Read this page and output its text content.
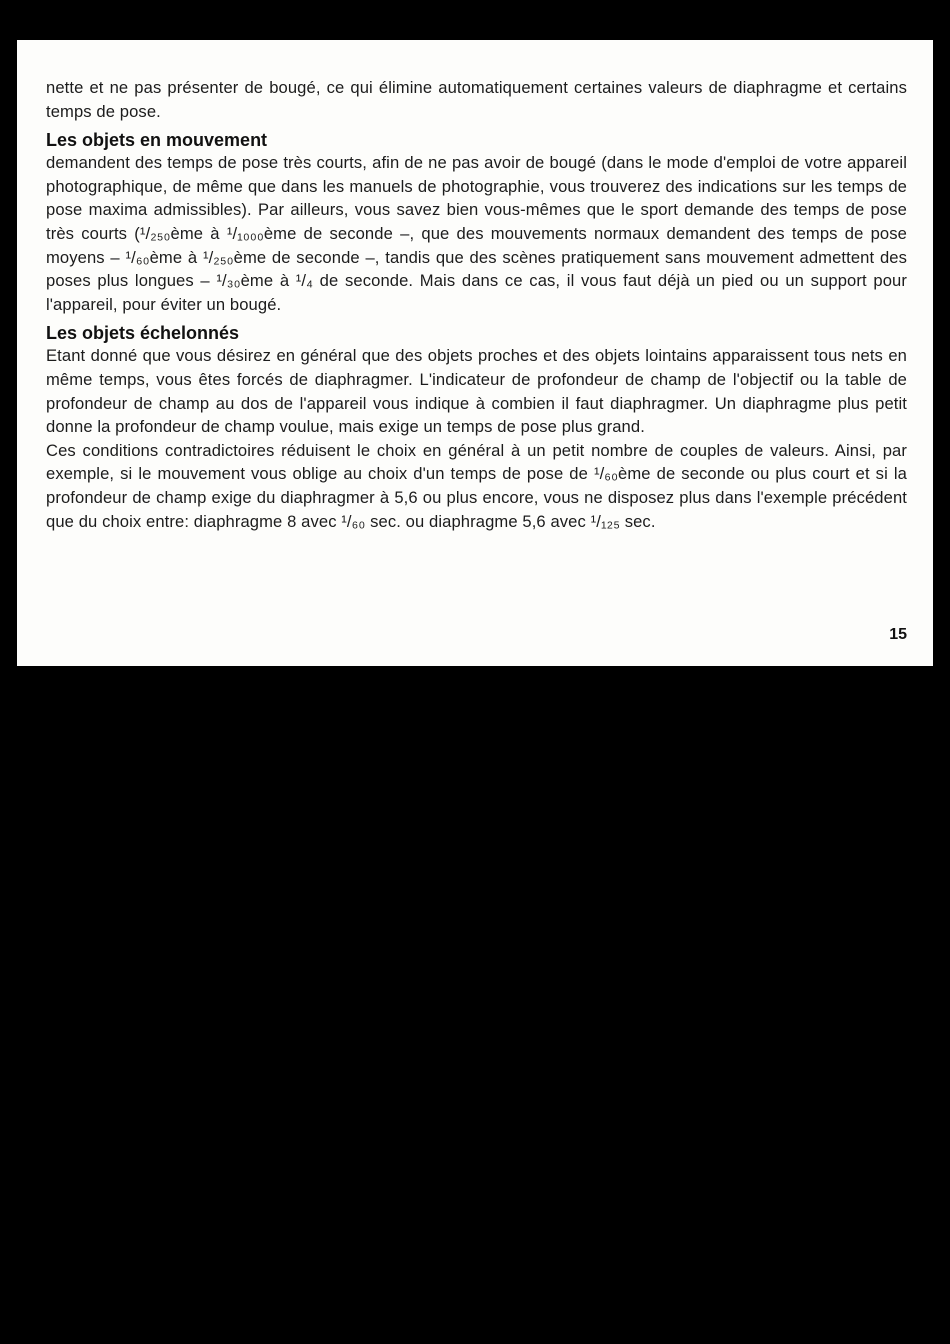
nette et ne pas présenter de bougé, ce qui élimine automatiquement certaines valeurs de diaphragme et certains temps de pose.

Les objets en mouvement

demandent des temps de pose très courts, afin de ne pas avoir de bougé (dans le mode d'emploi de votre appareil photographique, de même que dans les manuels de photographie, vous trouverez des indications sur les temps de pose maxima admissibles). Par ailleurs, vous savez bien vous-mêmes que le sport demande des temps de pose très courts (¹/₂₅₀ème à ¹/₁₀₀₀ème de seconde –, que des mouvements normaux demandent des temps de pose moyens – ¹/₆₀ème à ¹/₂₅₀ème de seconde –, tandis que des scènes pratiquement sans mouvement admettent des poses plus longues – ¹/₃₀ème à ¹/₄ de seconde. Mais dans ce cas, il vous faut déjà un pied ou un support pour l'appareil, pour éviter un bougé.

Les objets échelonnés

Etant donné que vous désirez en général que des objets proches et des objets lointains apparaissent tous nets en même temps, vous êtes forcés de diaphragmer. L'indicateur de profondeur de champ de l'objectif ou la table de profondeur de champ au dos de l'appareil vous indique à combien il faut diaphragmer. Un diaphragme plus petit donne la profondeur de champ voulue, mais exige un temps de pose plus grand.

Ces conditions contradictoires réduisent le choix en général à un petit nombre de couples de valeurs. Ainsi, par exemple, si le mouvement vous oblige au choix d'un temps de pose de ¹/₆₀ème de seconde ou plus court et si la profondeur de champ exige du diaphragmer à 5,6 ou plus encore, vous ne disposez plus dans l'exemple précédent que du choix entre: diaphragme 8 avec ¹/₆₀ sec. ou diaphragme 5,6 avec ¹/₁₂₅ sec.

15
